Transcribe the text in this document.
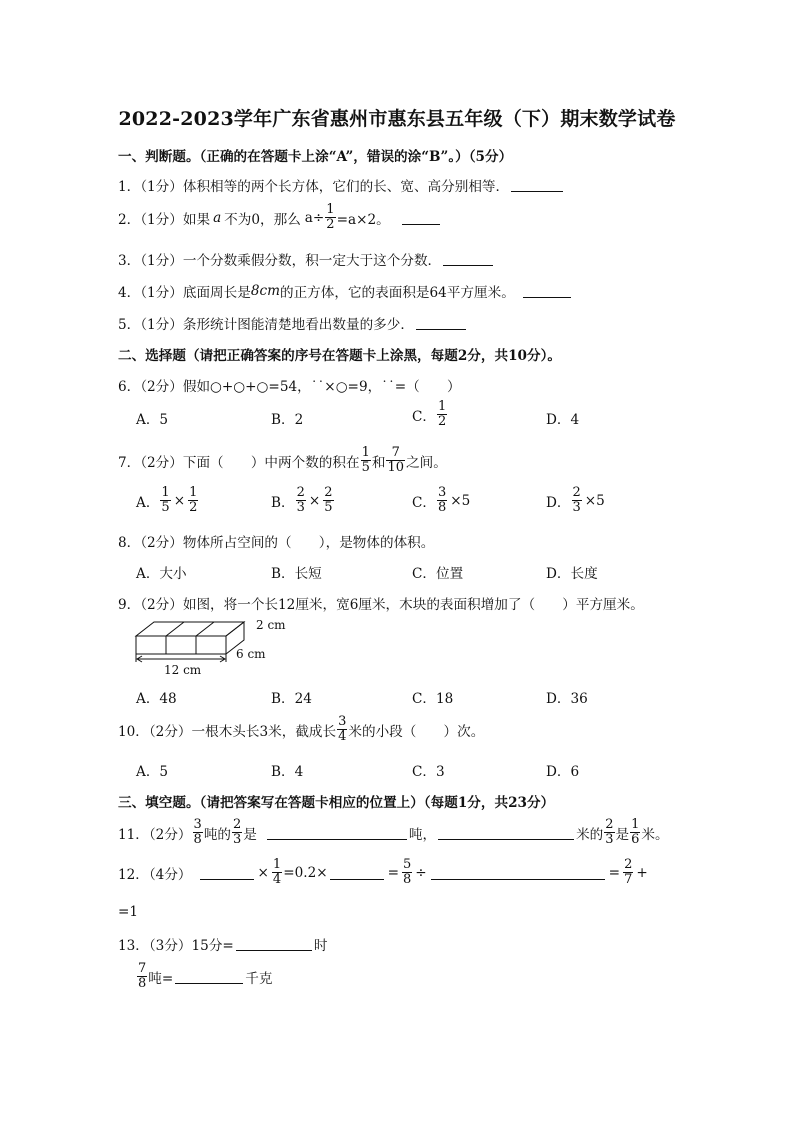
2022-2023学年广东省惠州市惠东县五年级（下）期末数学试卷
一、判断题。（正确的在答题卡上涂“A”，错误的涂“B”。）（5分）
1．（1分）体积相等的两个长方体，它们的长、宽、高分别相等．
2．（1分）如果 a 不为0，那么 $a\div \frac{1}{2} =a\times 2$。
3．（1分）一个分数乘假分数，积一定大于这个分数．
4．（1分）底面周长是 8cm 的正方体，它的表面积是64平方厘米。
5．（1分）条形统计图能清楚地看出数量的多少．
二、选择题（请把正确答案的序号在答题卡上涂黑，每题2分，共10分）。
6．（2分）假如○+○+○=54，˙˙×○=9，˙˙=（　　）
A．5	B．2	C． $\frac{1}{2}$	D．4
7．（2分）下面（　　）中两个数的积在 $\frac{1}{5}$ 和 $\frac{7}{10}$ 之间。
A． $\frac{1}{5} \times \frac{1}{2}$	B． $\frac{2}{3} \times \frac{2}{5}$	C． $\frac{3}{8} \times 5$	D． $\frac{2}{3} \times 5$
8．（2分）物体所占空间的（　　），是物体的体积。
A．大小	B．长短	C．位置	D．长度
9．（2分）如图，将一个长12厘米，宽6厘米，木块的表面积增加了（　　）平方厘米。
2 cm
6 cm
12 cm
A．48	B．24	C．18	D．36
10．（2分）一根木头长3米，截成长 $\frac{3}{4}$ 米的小段（　　）次。
A．5	B．4	C．3	D．6
三、填空题。（请把答案写在答题卡相应的位置上）（每题1分，共23分）
11．（2分） $\frac{3}{8}$ 吨的 $\frac{2}{3}$ 是	吨，	米的 $\frac{2}{3}$ 是 $\frac{1}{6}$ 米。
12．（4分）	× $\frac{1}{4} =0.2\times$	= $\frac{5}{8}$ ÷	= $\frac{2}{7}$ +
=1
13．（3分）15分=	时
$\frac{7}{8}$ 吨=	千克
